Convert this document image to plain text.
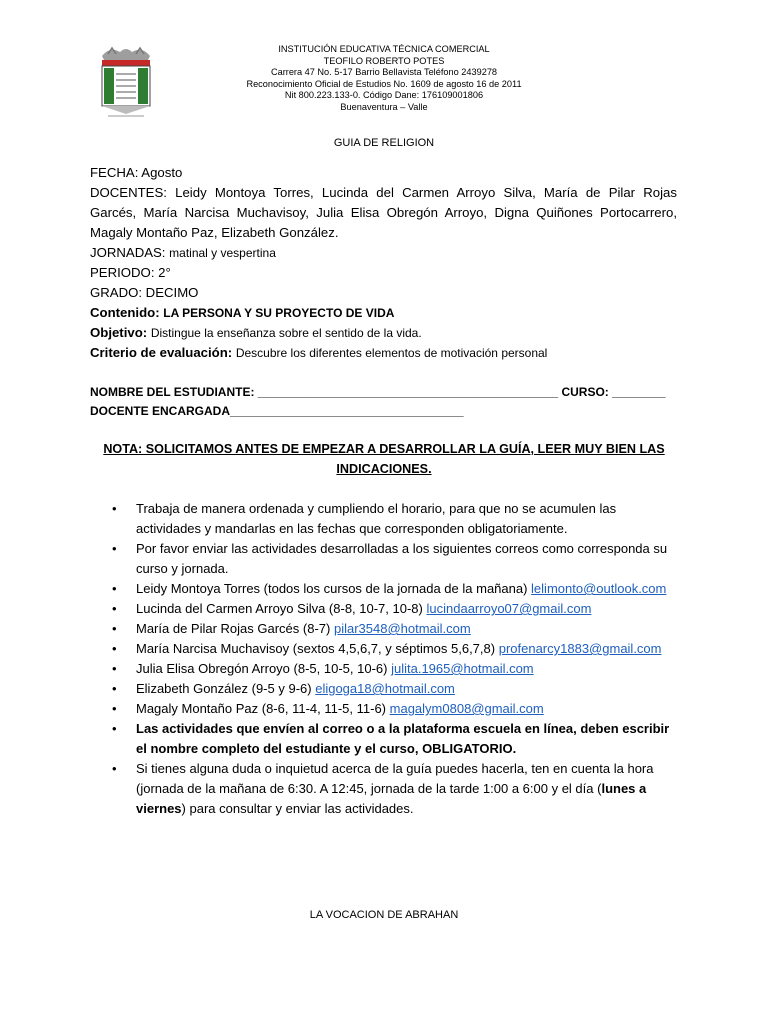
INSTITUCIÓN EDUCATIVA TÉCNICA COMERCIAL
TEOFILO ROBERTO POTES
Carrera 47 No. 5-17 Barrio Bellavista Teléfono 2439278
Reconocimiento Oficial de Estudios No. 1609 de agosto 16 de 2011
Nit 800.223.133-0. Código Dane: 176109001806
Buenaventura – Valle
GUIA DE RELIGION

FECHA: Agosto

DOCENTES: Leidy Montoya Torres, Lucinda del Carmen Arroyo Silva, María de Pilar Rojas

Garcés, María Narcisa Muchavisoy, Julia Elisa Obregón Arroyo, Digna Quiñones Portocarrero,

Magaly Montaño Paz, Elizabeth González.

JORNADAS: matinal y vespertina

PERIODO: 2°

GRADO: DECIMO

Contenido: LA PERSONA Y SU PROYECTO DE VIDA

Objetivo: Distingue la enseñanza sobre el sentido de la vida.

Criterio de evaluación: Descubre los diferentes elementos de motivación personal

NOMBRE DEL ESTUDIANTE: _____________________________________________ CURSO: ________
DOCENTE ENCARGADA___________________________________
NOTA: SOLICITAMOS ANTES DE EMPEZAR A DESARROLLAR LA GUÍA, LEER MUY BIEN LAS INDICACIONES.
• Trabaja de manera ordenada y cumpliendo el horario, para que no se acumulen las actividades y mandarlas en las fechas que corresponden obligatoriamente.
• Por favor enviar las actividades desarrolladas a los siguientes correos como corresponda su curso y jornada.
• Leidy Montoya Torres (todos los cursos de la jornada de la mañana) lelimonto@outlook.com
• Lucinda del Carmen Arroyo Silva (8-8, 10-7, 10-8) lucindaarroyo07@gmail.com
• María de Pilar Rojas Garcés (8-7) pilar3548@hotmail.com
• María Narcisa Muchavisoy (sextos 4,5,6,7, y séptimos 5,6,7,8) profenarcy1883@gmail.com
• Julia Elisa Obregón Arroyo (8-5, 10-5, 10-6) julita.1965@hotmail.com
• Elizabeth González (9-5 y 9-6) eligoga18@hotmail.com
• Magaly Montaño Paz (8-6, 11-4, 11-5, 11-6) magalym0808@gmail.com
• Las actividades que envíen al correo o a la plataforma escuela en línea, deben escribir el nombre completo del estudiante y el curso, OBLIGATORIO.
• Si tienes alguna duda o inquietud acerca de la guía puedes hacerla, ten en cuenta la hora (jornada de la mañana de 6:30. A 12:45, jornada de la tarde 1:00 a 6:00 y el día (lunes a viernes) para consultar y enviar las actividades.
LA VOCACION DE ABRAHAN
